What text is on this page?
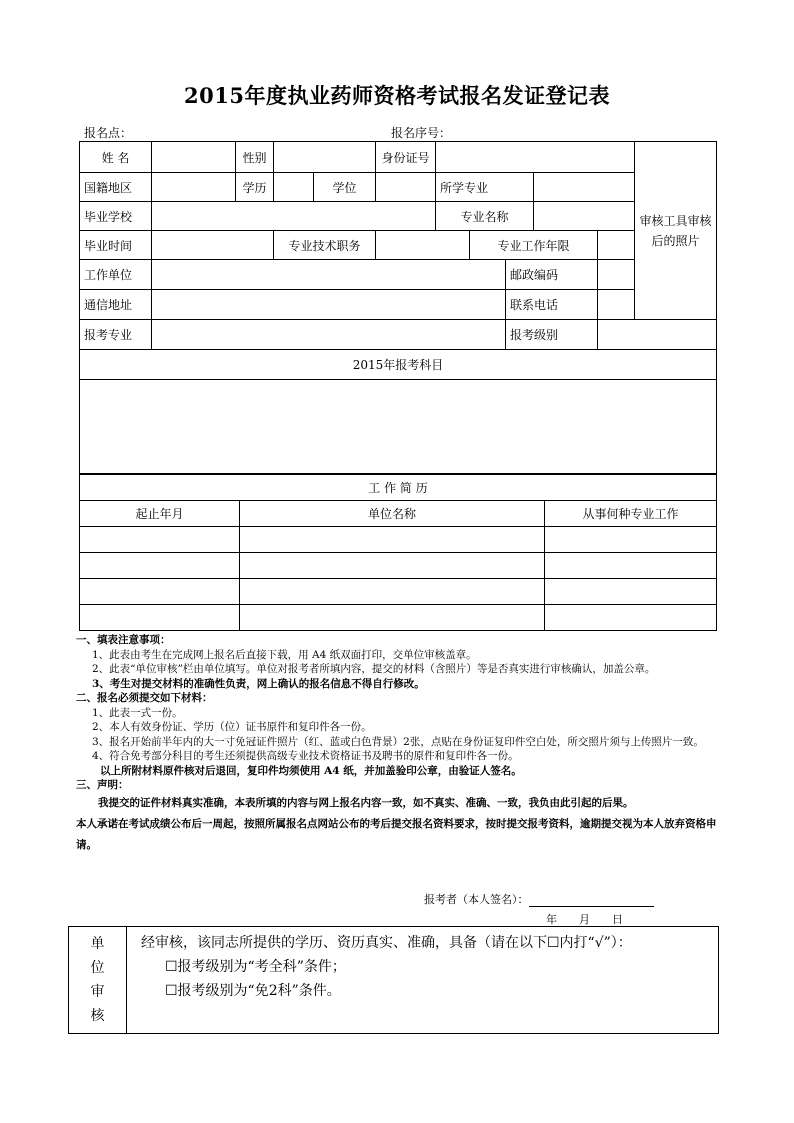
2015年度执业药师资格考试报名发证登记表
报名点：	报名序号：
姓 名		性别			身份证号						审核工具审核后的照片
国籍地区		学历		学位		所学专业					
毕业学校						专业名称					
毕业时间			专业技术职务				专业工作年限				
工作单位								邮政编码			
通信地址								联系电话			
报考专业								报考级别			
2015年报考科目											

工 作 简 历		
起止年月	单位名称	从事何种专业工作

一、填表注意事项：
1、此表由考生在完成网上报名后直接下载，用 A4 纸双面打印，交单位审核盖章。
2、此表“单位审核”栏由单位填写。单位对报考者所填内容，提交的材料（含照片）等是否真实进行审核确认，加盖公章。
3、考生对提交材料的准确性负责，网上确认的报名信息不得自行修改。
二、报名必须提交如下材料：
1、此表一式一份。
2、本人有效身份证、学历（位）证书原件和复印件各一份。
3、报名开始前半年内的大一寸免冠证件照片（红、蓝或白色背景）2张，点贴在身份证复印件空白处，所交照片须与上传照片一致。
4、符合免考部分科目的考生还须提供高级专业技术资格证书及聘书的原件和复印件各一份。
以上所附材料原件核对后退回，复印件均须使用 A4 纸，并加盖验印公章，由验证人签名。
三、声明：
我提交的证件材料真实准确，本表所填的内容与网上报名内容一致，如不真实、准确、一致，我负由此引起的后果。
本人承诺在考试成绩公布后一周起，按照所属报名点网站公布的考后提交报名资料要求，按时提交报考资料，逾期提交视为本人放弃资格申请。
报考者（本人签名）：
年 月 日
单位审核	
经审核，该同志所提供的学历、资历真实、准确，具备（请在以下☐内打“√”）：
☐报考级别为“考全科”条件；
☐报考级别为“免2科”条件。
